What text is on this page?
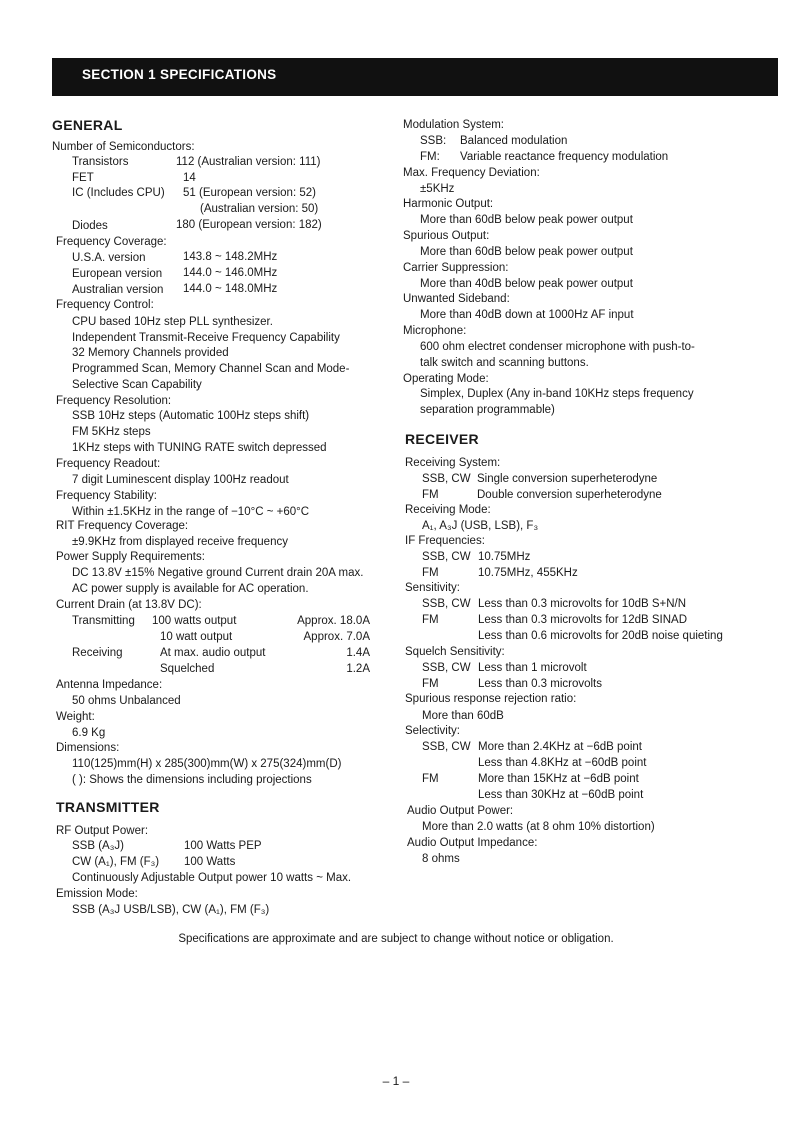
SECTION 1 SPECIFICATIONS
GENERAL
Number of Semiconductors:
Transistors	112 (Australian version: 111)
FET	14
IC (Includes CPU) 51 (European version: 52)
(Australian version: 50)
Diodes	180 (European version: 182)
Frequency Coverage:
U.S.A. version	143.8 ~ 148.2MHz
European version 144.0 ~ 146.0MHz
Australian version 144.0 ~ 148.0MHz
Frequency Control:
CPU based 10Hz step PLL synthesizer.
Independent Transmit-Receive Frequency Capability
32 Memory Channels provided
Programmed Scan, Memory Channel Scan and Mode-
Selective Scan Capability
Frequency Resolution:
SSB 10Hz steps (Automatic 100Hz steps shift)
FM 5KHz steps
1KHz steps with TUNING RATE switch depressed
Frequency Readout:
7 digit Luminescent display 100Hz readout
Frequency Stability:
Within ±1.5KHz in the range of −10°C ~ +60°C
RIT Frequency Coverage:
±9.9KHz from displayed receive frequency
Power Supply Requirements:
DC 13.8V ±15% Negative ground Current drain 20A max.
AC power supply is available for AC operation.
Current Drain (at 13.8V DC):
Transmitting 100 watts output	Approx. 18.0A
10 watt output	Approx. 7.0A
Receiving	At max. audio output	1.4A
Squelched	1.2A
Antenna Impedance:
50 ohms Unbalanced
Weight:
6.9 Kg
Dimensions:
110(125)mm(H) x 285(300)mm(W) x 275(324)mm(D)
( ): Shows the dimensions including projections
TRANSMITTER
RF Output Power:
SSB (A₃J)	100 Watts PEP
CW (A₁), FM (F₃) 100 Watts
Continuously Adjustable Output power 10 watts ~ Max.
Emission Mode:
SSB (A₃J USB/LSB), CW (A₁), FM (F₃)
Modulation System:
SSB: Balanced modulation
FM: Variable reactance frequency modulation
Max. Frequency Deviation:
±5KHz
Harmonic Output:
More than 60dB below peak power output
Spurious Output:
More than 60dB below peak power output
Carrier Suppression:
More than 40dB below peak power output
Unwanted Sideband:
More than 40dB down at 1000Hz AF input
Microphone:
600 ohm electret condenser microphone with push-to-
talk switch and scanning buttons.
Operating Mode:
Simplex, Duplex (Any in-band 10KHz steps frequency
separation programmable)
RECEIVER
Receiving System:
SSB, CW Single conversion superheterodyne
FM	Double conversion superheterodyne
Receiving Mode:
A₁, A₃J (USB, LSB), F₃
IF Frequencies:
SSB, CW 10.75MHz
FM	10.75MHz, 455KHz
Sensitivity:
SSB, CW Less than 0.3 microvolts for 10dB S+N/N
FM	Less than 0.3 microvolts for 12dB SINAD
Less than 0.6 microvolts for 20dB noise quieting
Squelch Sensitivity:
SSB, CW Less than 1 microvolt
FM	Less than 0.3 microvolts
Spurious response rejection ratio:
More than 60dB
Selectivity:
SSB, CW More than 2.4KHz at −6dB point
Less than 4.8KHz at −60dB point
FM	More than 15KHz at −6dB point
Less than 30KHz at −60dB point
Audio Output Power:
More than 2.0 watts (at 8 ohm 10% distortion)
Audio Output Impedance:
8 ohms
Specifications are approximate and are subject to change without notice or obligation.
– 1 –
